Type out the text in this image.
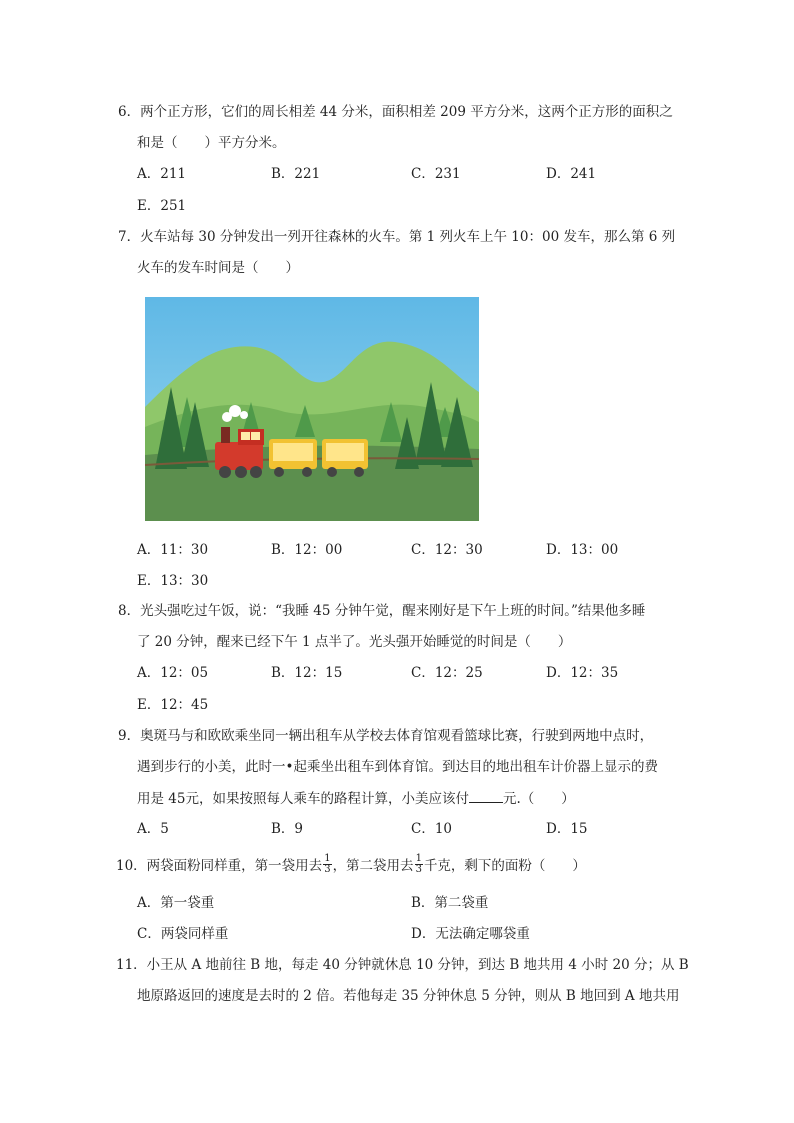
6．两个正方形，它们的周长相差 44 分米，面积相差 209 平方分米，这两个正方形的面积之
和是（　　）平方分米。
A．211	B．221	C．231	D．241
E．251
7．火车站每 30 分钟发出一列开往森林的火车。第 1 列火车上午 10：00 发车，那么第 6 列
火车的发车时间是（　　）
A．11：30	B．12：00	C．12：30	D．13：00
E．13：30
8．光头强吃过午饭，说：“我睡 45 分钟午觉，醒来刚好是下午上班的时间。”结果他多睡
了 20 分钟，醒来已经下午 1 点半了。光头强开始睡觉的时间是（　　）
A．12：05	B．12：15	C．12：25	D．12：35
E．12：45
9．奥斑马与和欧欧乘坐同一辆出租车从学校去体育馆观看篮球比赛，行驶到两地中点时，
遇到步行的小美，此时一•起乘坐出租车到体育馆。到达目的地出租车计价器上显示的费
用是 45元，如果按照每人乘车的路程计算，小美应该付	元.（　　）
A．5	B．9	C．10	D．15
10．两袋面粉同样重，第一袋用去 $\frac{1}{3}$ ，第二袋用去 $\frac{1}{3}$ 千克，剩下的面粉（　　）
A．第一袋重	B．第二袋重
C．两袋同样重	D．无法确定哪袋重
11．小王从 A 地前往 B 地，每走 40 分钟就休息 10 分钟，到达 B 地共用 4 小时 20 分；从 B
地原路返回的速度是去时的 2 倍。若他每走 35 分钟休息 5 分钟，则从 B 地回到 A 地共用
